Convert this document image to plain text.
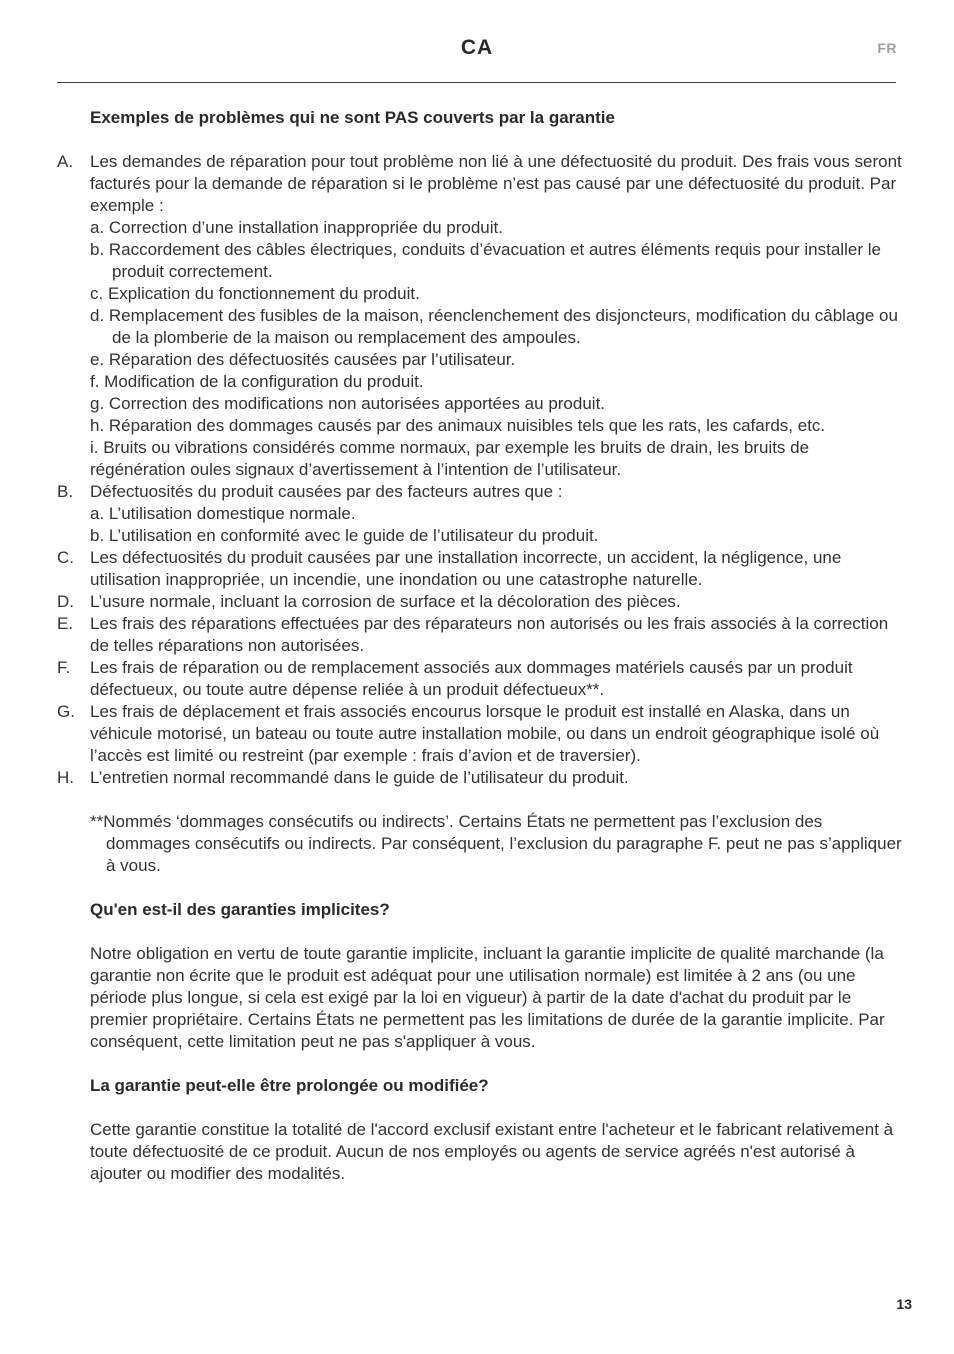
CA	FR
Exemples de problèmes qui ne sont PAS couverts par la garantie
A. Les demandes de réparation pour tout problème non lié à une défectuosité du produit. Des frais vous seront facturés pour la demande de réparation si le problème n’est pas causé par une défectuosité du produit. Par exemple :
a. Correction d’une installation inappropriée du produit.
b. Raccordement des câbles électriques, conduits d’évacuation et autres éléments requis pour installer le produit correctement.
c. Explication du fonctionnement du produit.
d. Remplacement des fusibles de la maison, réenclenchement des disjoncteurs, modification du câblage ou de la plomberie de la maison ou remplacement des ampoules.
e. Réparation des défectuosités causées par l’utilisateur.
f. Modification de la configuration du produit.
g. Correction des modifications non autorisées apportées au produit.
h. Réparation des dommages causés par des animaux nuisibles tels que les rats, les cafards, etc.
i. Bruits ou vibrations considérés comme normaux, par exemple les bruits de drain, les bruits de régénération oules signaux d’avertissement à l’intention de l’utilisateur.
B. Défectuosités du produit causées par des facteurs autres que :
a. L’utilisation domestique normale.
b. L’utilisation en conformité avec le guide de l’utilisateur du produit.
C. Les défectuosités du produit causées par une installation incorrecte, un accident, la négligence, une utilisation inappropriée, un incendie, une inondation ou une catastrophe naturelle.
D. L’usure normale, incluant la corrosion de surface et la décoloration des pièces.
E. Les frais des réparations effectuées par des réparateurs non autorisés ou les frais associés à la correction de telles réparations non autorisées.
F. Les frais de réparation ou de remplacement associés aux dommages matériels causés par un produit défectueux, ou toute autre dépense reliée à un produit défectueux**.
G. Les frais de déplacement et frais associés encourus lorsque le produit est installé en Alaska, dans un véhicule motorisé, un bateau ou toute autre installation mobile, ou dans un endroit géographique isolé où l’accès est limité ou restreint (par exemple : frais d’avion et de traversier).
H. L’entretien normal recommandé dans le guide de l’utilisateur du produit.
**Nommés ‘dommages consécutifs ou indirects’. Certains États ne permettent pas l’exclusion des dommages consécutifs ou indirects. Par conséquent, l’exclusion du paragraphe F. peut ne pas s’appliquer à vous.
Qu'en est-il des garanties implicites?
Notre obligation en vertu de toute garantie implicite, incluant la garantie implicite de qualité marchande (la garantie non écrite que le produit est adéquat pour une utilisation normale) est limitée à 2 ans (ou une période plus longue, si cela est exigé par la loi en vigueur) à partir de la date d'achat du produit par le premier propriétaire. Certains États ne permettent pas les limitations de durée de la garantie implicite. Par conséquent, cette limitation peut ne pas s'appliquer à vous.
La garantie peut-elle être prolongée ou modifiée?
Cette garantie constitue la totalité de l'accord exclusif existant entre l'acheteur et le fabricant relativement à toute défectuosité de ce produit. Aucun de nos employés ou agents de service agréés n'est autorisé à ajouter ou modifier des modalités.
13
